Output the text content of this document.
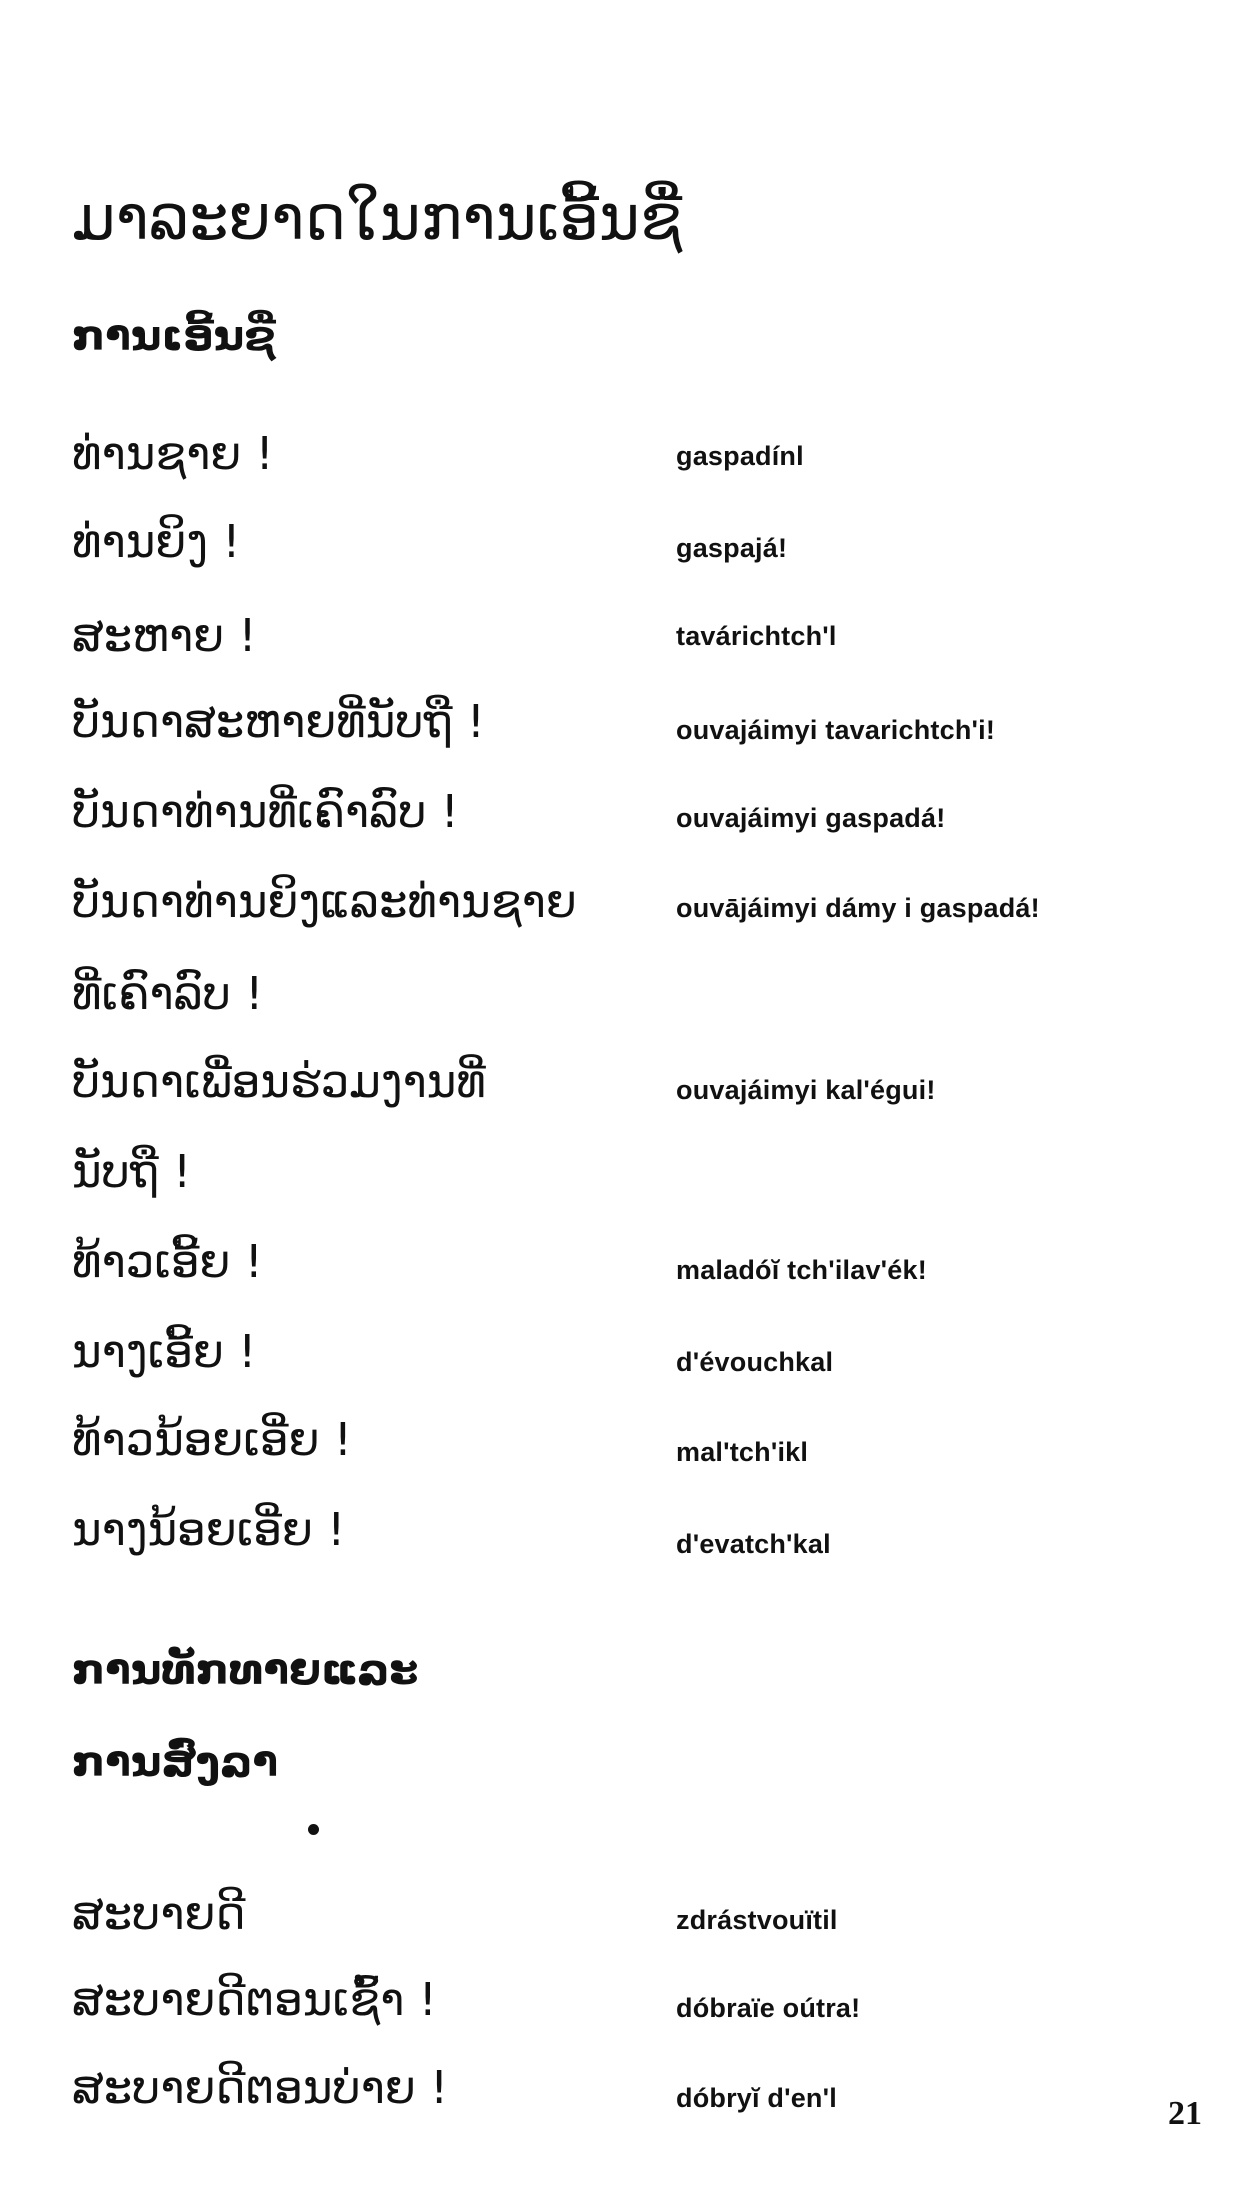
ມາລະຍາດໃນການເອີ້ນຊື່
ການເອີ້ນຊື່
ທ່ານຊາຍ !	gaspadínl
ທ່ານຍິງ !	gaspajá!
ສະຫາຍ !	tavárichtch'l
ບັນດາສະຫາຍທີ່ນັບຖື !	ouvajáimyi tavarichtch'i!
ບັນດາທ່ານທີ່ເຄົາລົບ !	ouvajáimyi gaspadá!
ບັນດາທ່ານຍິງແລະທ່ານຊາຍ	ouvājáimyi dámy i gaspadá!
ທີ່ເຄົາລົບ !
ບັນດາເພື່ອນຮ່ວມງານທີ່	ouvajáimyi kal'égui!
ນັບຖື !
ທ້າວເອີ້ຍ !	maladóĭ tch'ilav'ék!
ນາງເອີ້ຍ !	d'évouchkal
ທ້າວນ້ອຍເອີ່ຍ !	mal'tch'ikl
ນາງນ້ອຍເອີ່ຍ !	d'evatch'kal
ການທັກທາຍແລະ
ການສົ່ງລາ
ສະບາຍດີ	zdrástvouïtil
ສະບາຍດີຕອນເຊົ້າ !	dóbraïe oútra!
ສະບາຍດີຕອນບ່າຍ !	dóbryĭ d'en'l	21
